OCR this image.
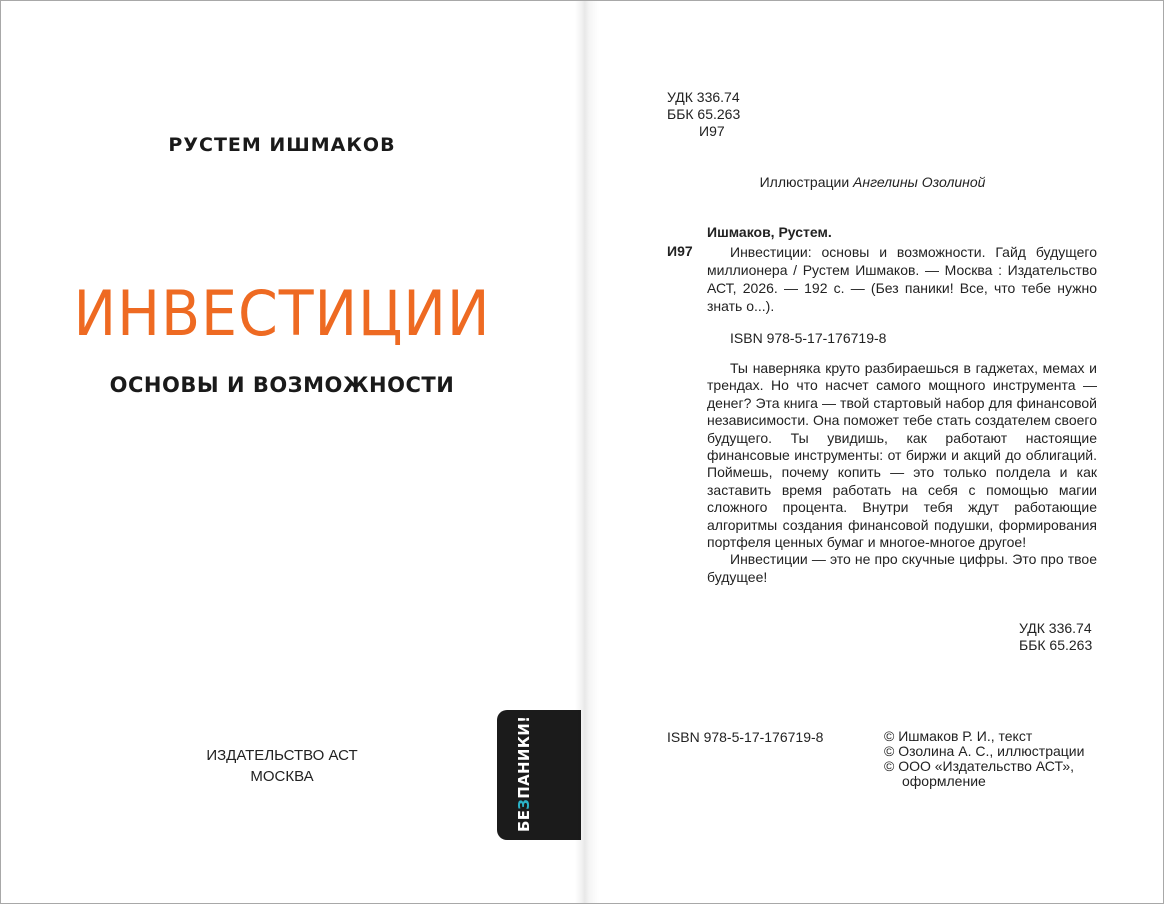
РУСТЕМ ИШМАКОВ
ИНВЕСТИЦИИ
ОСНОВЫ И ВОЗМОЖНОСТИ
ИЗДАТЕЛЬСТВО АСТ
МОСКВА
БЕЗПАНИКИ!
УДК 336.74
ББК 65.263
И97
Иллюстрации Ангелины Озолиной
Ишмаков, Рустем.
И97	Инвестиции: основы и возможности. Гайд будущего миллионера / Рустем Ишмаков. — Москва : Издательство АСТ, 2026. — 192 с. — (Без паники! Все, что тебе нужно знать о...).
ISBN 978-5-17-176719-8

Ты наверняка круто разбираешься в гаджетах, мемах и трендах. Но что насчет самого мощного инструмента — денег? Эта книга — твой стартовый набор для финансовой независимости. Она поможет тебе стать создателем своего будущего. Ты увидишь, как работают настоящие финансовые инструменты: от биржи и акций до облигаций. Поймешь, почему копить — это только полдела и как заставить время работать на себя с помощью магии сложного процента. Внутри тебя ждут работающие алгоритмы создания финансовой подушки, формирования портфеля ценных бумаг и многое-многое другое!

Инвестиции — это не про скучные цифры. Это про твое будущее!

УДК 336.74
ББК 65.263
ISBN 978-5-17-176719-8	© Ишмаков Р. И., текст
© Озолина А. С., иллюстрации
© ООО «Издательство АСТ»,
оформление
